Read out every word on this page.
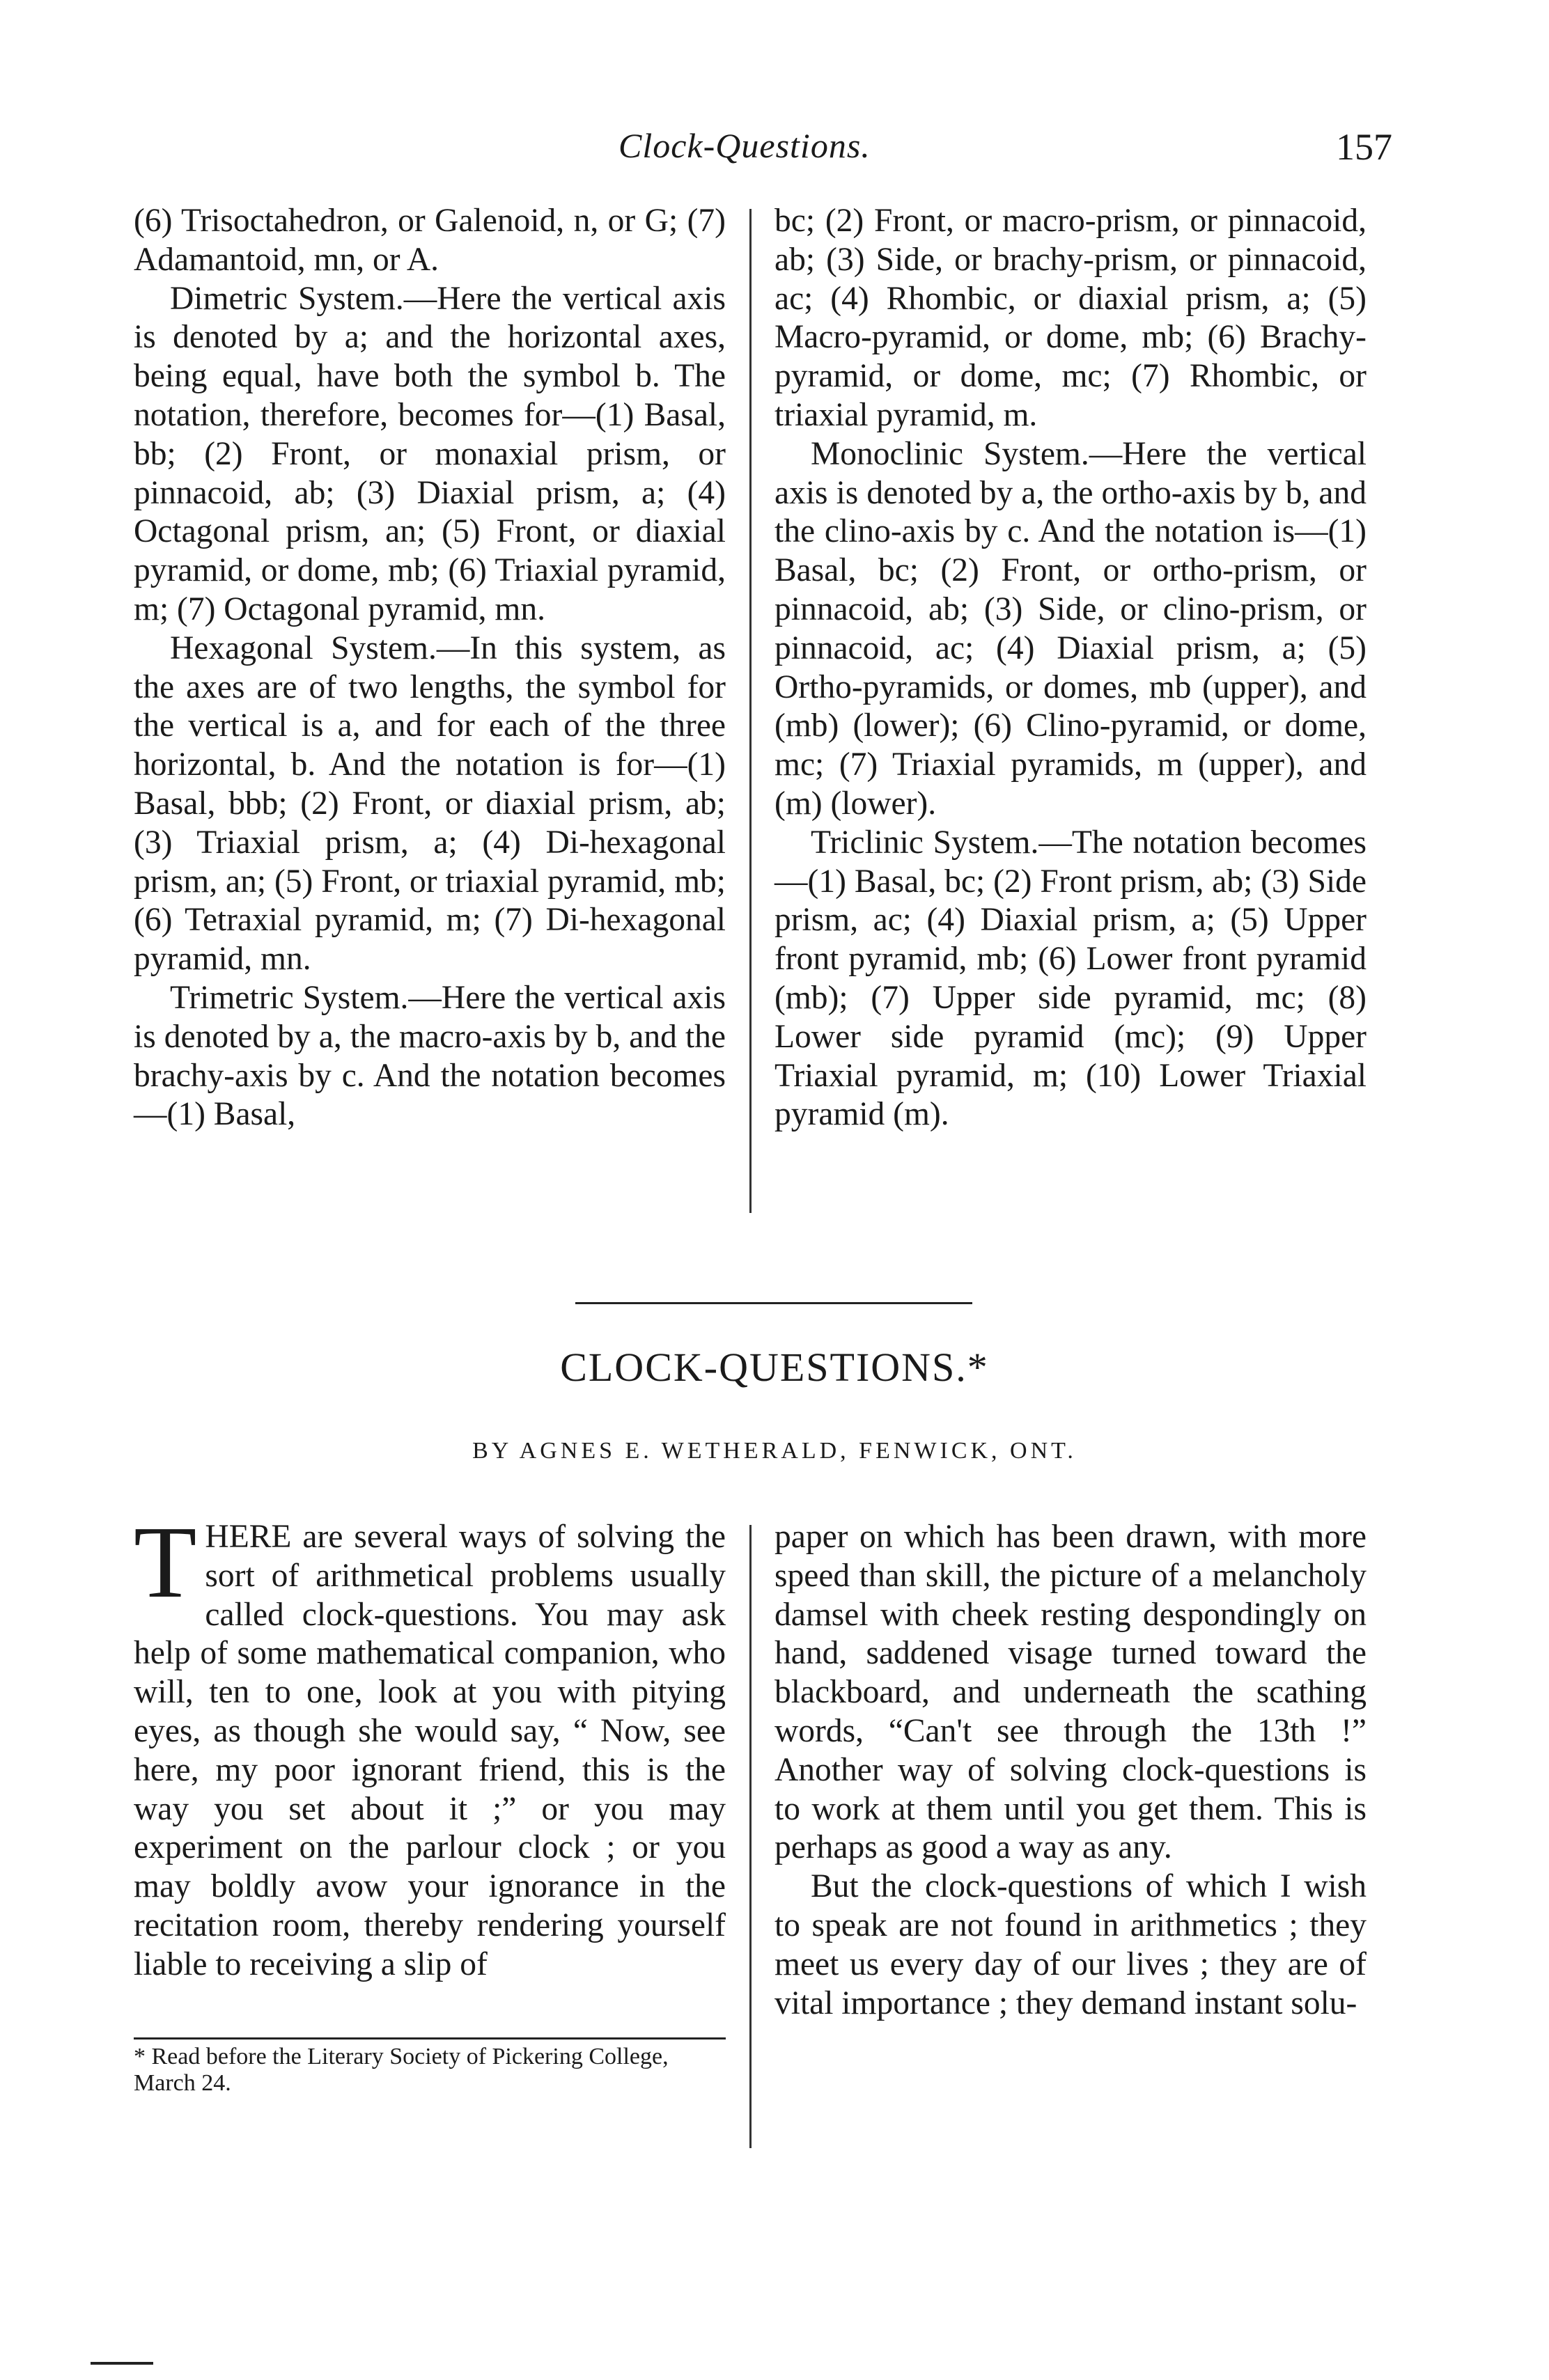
Clock-Questions.	157

(6) Trisoctahedron, or Galenoid, n, or G; (7) Adamantoid, mn, or A.

Dimetric System.—Here the vertical axis is denoted by a; and the horizontal axes, being equal, have both the symbol b. The notation, therefore, becomes for—(1) Basal, bb; (2) Front, or monaxial prism, or pinnacoid, ab; (3) Diaxial prism, a; (4) Octagonal prism, an; (5) Front, or diaxial pyramid, or dome, mb; (6) Triaxial pyramid, m; (7) Octagonal pyramid, mn.

Hexagonal System.—In this system, as the axes are of two lengths, the symbol for the vertical is a, and for each of the three horizontal, b. And the notation is for—(1) Basal, bbb; (2) Front, or diaxial prism, ab; (3) Triaxial prism, a; (4) Di-hexagonal prism, an; (5) Front, or triaxial pyramid, mb; (6) Tetraxial pyramid, m; (7) Di-hexagonal pyramid, mn.

Trimetric System.—Here the vertical axis is denoted by a, the macro-axis by b, and the brachy-axis by c. And the notation becomes—(1) Basal,

bc; (2) Front, or macro-prism, or pinnacoid, ab; (3) Side, or brachy-prism, or pinnacoid, ac; (4) Rhombic, or diaxial prism, a; (5) Macro-pyramid, or dome, mb; (6) Brachy-pyramid, or dome, mc; (7) Rhombic, or triaxial pyramid, m.

Monoclinic System.—Here the vertical axis is denoted by a, the ortho-axis by b, and the clino-axis by c. And the notation is—(1) Basal, bc; (2) Front, or ortho-prism, or pinnacoid, ab; (3) Side, or clino-prism, or pinnacoid, ac; (4) Diaxial prism, a; (5) Ortho-pyramids, or domes, mb (upper), and (mb) (lower); (6) Clino-pyramid, or dome, mc; (7) Triaxial pyramids, m (upper), and (m) (lower).

Triclinic System.—The notation becomes—(1) Basal, bc; (2) Front prism, ab; (3) Side prism, ac; (4) Diaxial prism, a; (5) Upper front pyramid, mb; (6) Lower front pyramid (mb); (7) Upper side pyramid, mc; (8) Lower side pyramid (mc); (9) Upper Triaxial pyramid, m; (10) Lower Triaxial pyramid (m).

CLOCK-QUESTIONS.*
BY AGNES E. WETHERALD, FENWICK, ONT.

THERE are several ways of solving the sort of arithmetical problems usually called clock-questions. You may ask help of some mathematical companion, who will, ten to one, look at you with pitying eyes, as though she would say, “ Now, see here, my poor ignorant friend, this is the way you set about it ;” or you may experiment on the parlour clock ; or you may boldly avow your ignorance in the recitation room, thereby rendering yourself liable to receiving a slip of

paper on which has been drawn, with more speed than skill, the picture of a melancholy damsel with cheek resting despondingly on hand, saddened visage turned toward the blackboard, and underneath the scathing words, “Can't see through the 13th !” Another way of solving clock-questions is to work at them until you get them. This is perhaps as good a way as any.

But the clock-questions of which I wish to speak are not found in arithmetics ; they meet us every day of our lives ; they are of vital importance ; they demand instant solu-

* Read before the Literary Society of Pickering College, March 24.
